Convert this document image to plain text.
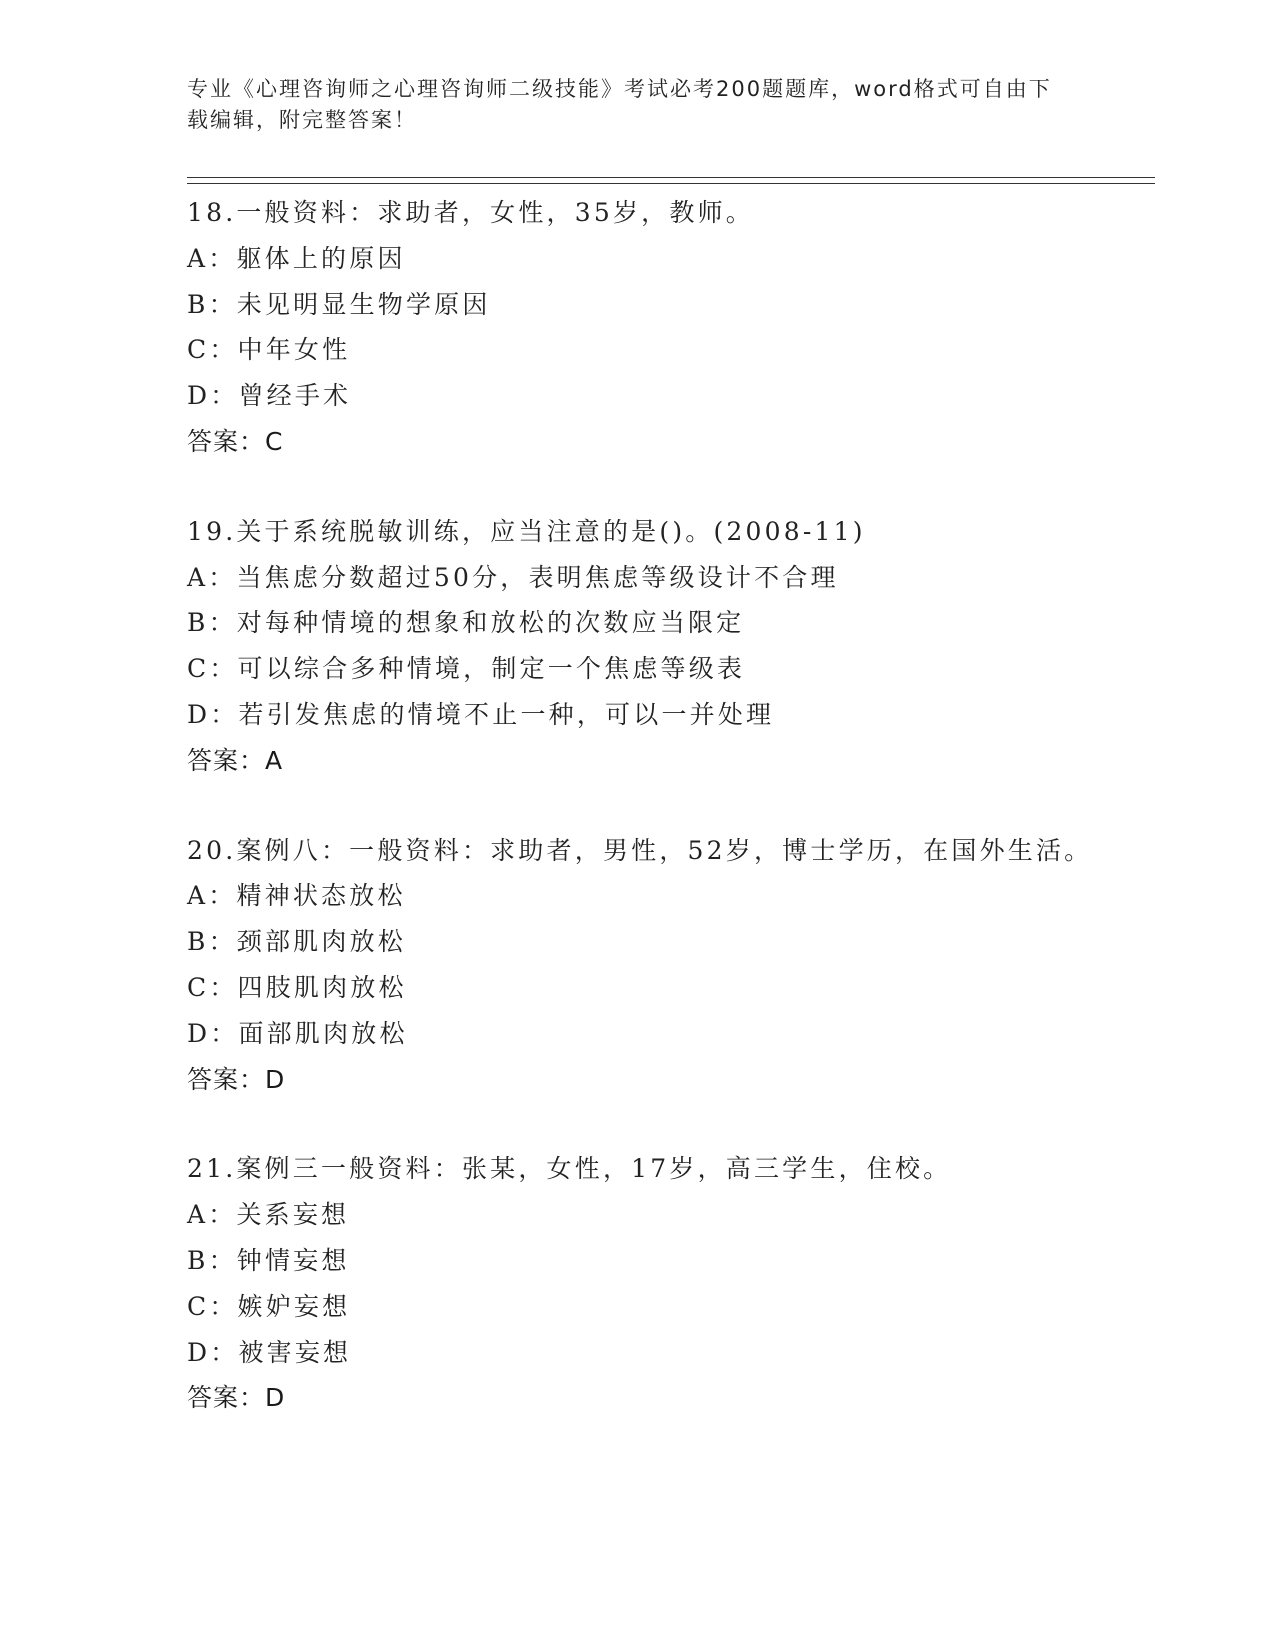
专业《心理咨询师之心理咨询师二级技能》考试必考200题题库，word格式可自由下载编辑，附完整答案！
18.一般资料：求助者，女性，35岁，教师。
A：躯体上的原因
B：未见明显生物学原因
C：中年女性
D：曾经手术
答案：C
19.关于系统脱敏训练，应当注意的是()。(2008-11)
A：当焦虑分数超过50分，表明焦虑等级设计不合理
B：对每种情境的想象和放松的次数应当限定
C：可以综合多种情境，制定一个焦虑等级表
D：若引发焦虑的情境不止一种，可以一并处理
答案：A
20.案例八：一般资料：求助者，男性，52岁，博士学历，在国外生活。
A：精神状态放松
B：颈部肌肉放松
C：四肢肌肉放松
D：面部肌肉放松
答案：D
21.案例三一般资料：张某，女性，17岁，高三学生，住校。
A：关系妄想
B：钟情妄想
C：嫉妒妄想
D：被害妄想
答案：D
